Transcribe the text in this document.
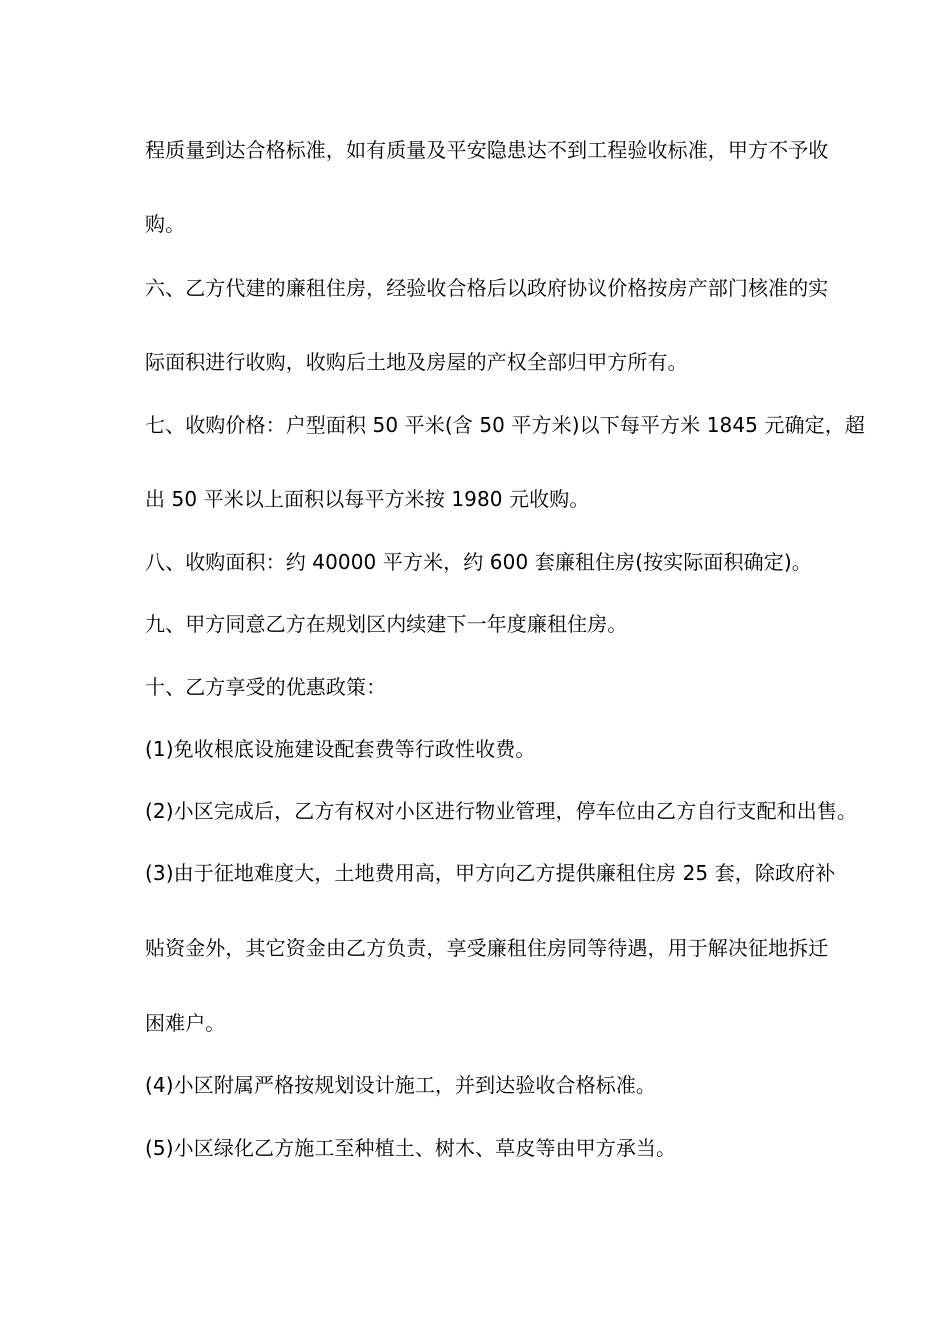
程质量到达合格标准，如有质量及平安隐患达不到工程验收标准，甲方不予收
购。
六、乙方代建的廉租住房，经验收合格后以政府协议价格按房产部门核准的实
际面积进行收购，收购后土地及房屋的产权全部归甲方所有。
七、收购价格：户型面积 50 平米(含 50 平方米)以下每平方米 1845 元确定，超
出 50 平米以上面积以每平方米按 1980 元收购。
八、收购面积：约 40000 平方米，约 600 套廉租住房(按实际面积确定)。
九、甲方同意乙方在规划区内续建下一年度廉租住房。
十、乙方享受的优惠政策：
(1)免收根底设施建设配套费等行政性收费。
(2)小区完成后，乙方有权对小区进行物业管理，停车位由乙方自行支配和出售。
(3)由于征地难度大，土地费用高，甲方向乙方提供廉租住房 25 套，除政府补
贴资金外，其它资金由乙方负责，享受廉租住房同等待遇，用于解决征地拆迁
困难户。
(4)小区附属严格按规划设计施工，并到达验收合格标准。
(5)小区绿化乙方施工至种植土、树木、草皮等由甲方承当。
